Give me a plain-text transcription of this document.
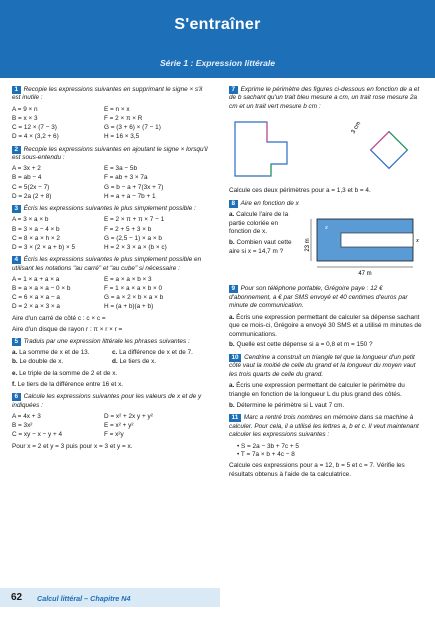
S'entraîner
Série 1 : Expression littérale
1 Recopie les expressions suivantes en supprimant le signe × s'il est inutile :
A = 9 × n	E = n × x
B = x × 3	F = 2 × π × R
C = 12 × (7 − 3)	G = (3 + 6) × (7 − 1)
D = 4 × (3,2 + 6)	H = 16 × 3,5
2 Recopie les expressions suivantes en ajoutant le signe × lorsqu'il est sous-entendu :
A = 3x + 2	E = 3a − 5b
B = ab − 4	F = ab + 3 × 7a
C = 5(2x − 7)	G = b − a + 7(3x + 7)
D = 2a (2 + 8)	H = a + a − 7b + 1
3 Écris les expressions suivantes le plus simplement possible :
A = 3 × a × b	E = 2 × π + π × 7 − 1
B = 3 × a − 4 × b	F = 2 + 5 + 3 × b
C = 8 × a × h × 2	G = (2,5 − 1) × a × b
D = 3 × (2 × a + b) × 5	H = 2 × 3 × a × (b × c)
4 Écris les expressions suivantes le plus simplement possible en utilisant les notations "au carré" et "au cube" si nécessaire :
A = 1 × a + a × a	E = a × a × b × 3
B = a × a × a − 0 × b	F = 1 × a × a × b × 0
C = 6 × a × a − a	G = a × 2 × b × a × b
D = 2 × a × 3 × a	H = (a + b)(a + b)
Aire d'un carré de côté c : c × c =
Aire d'un disque de rayon r : π × r × r =
5 Traduis par une expression littérale les phrases suivantes :
a. La somme de x et de 13.	c. La différence de x et de 7.
b. Le double de x.	d. Le tiers de x.
e. Le triple de la somme de 2 et de x.
f. Le tiers de la différence entre 16 et x.
6 Calcule les expressions suivantes pour les valeurs de x et de y indiquées :
A = 4x + 3	D = x² + 2x y + y²
B = 3x²	E = x² + y²
C = xy − x − y + 4	F = x²y
Pour x = 2 et y = 3 puis pour x = 3 et y = x.
7 Exprime le périmètre des figures ci-dessous en fonction de a et de b sachant qu'un trait bleu mesure a cm, un trait rose mesure 2a cm et un trait vert mesure b cm :
3 cm
Calcule ces deux périmètres pour a = 1,3 et b = 4.
8 Aire en fonction de x
a. Calcule l'aire de la partie coloriée en fonction de x.
b. Combien vaut cette aire si x = 14,7 m ?	23 m
47 m
x
x
9 Pour son téléphone portable, Grégoire paye : 12 € d'abonnement, a € par SMS envoyé et 40 centimes d'euros par minute de communication.
a. Écris une expression permettant de calculer sa dépense sachant que ce mois-ci, Grégoire a envoyé 30 SMS et a utilisé m minutes de communications.
b. Quelle est cette dépense si a = 0,8 et m = 150 ?
10 Cendrine a construit un triangle tel que la longueur d'un petit côté vaut la moitié de celle du grand et la longueur du moyen vaut les trois quarts de celle du grand.
a. Écris une expression permettant de calculer le périmètre du triangle en fonction de la longueur L du plus grand des côtés.
b. Détermine le périmètre si L vaut 7 cm.
11 Marc a rentré trois nombres en mémoire dans sa machine à calculer. Pour cela, il a utilisé les lettres a, b et c. Il veut maintenant calculer les expressions suivantes :
• S = 2a − 3b + 7c + 5
• T = 7a × b + 4c − 8
Calcule ces expressions pour a = 12, b = 5 et c = 7. Vérifie les résultats obtenus à l'aide de ta calculatrice.
62 Calcul littéral – Chapitre N4
